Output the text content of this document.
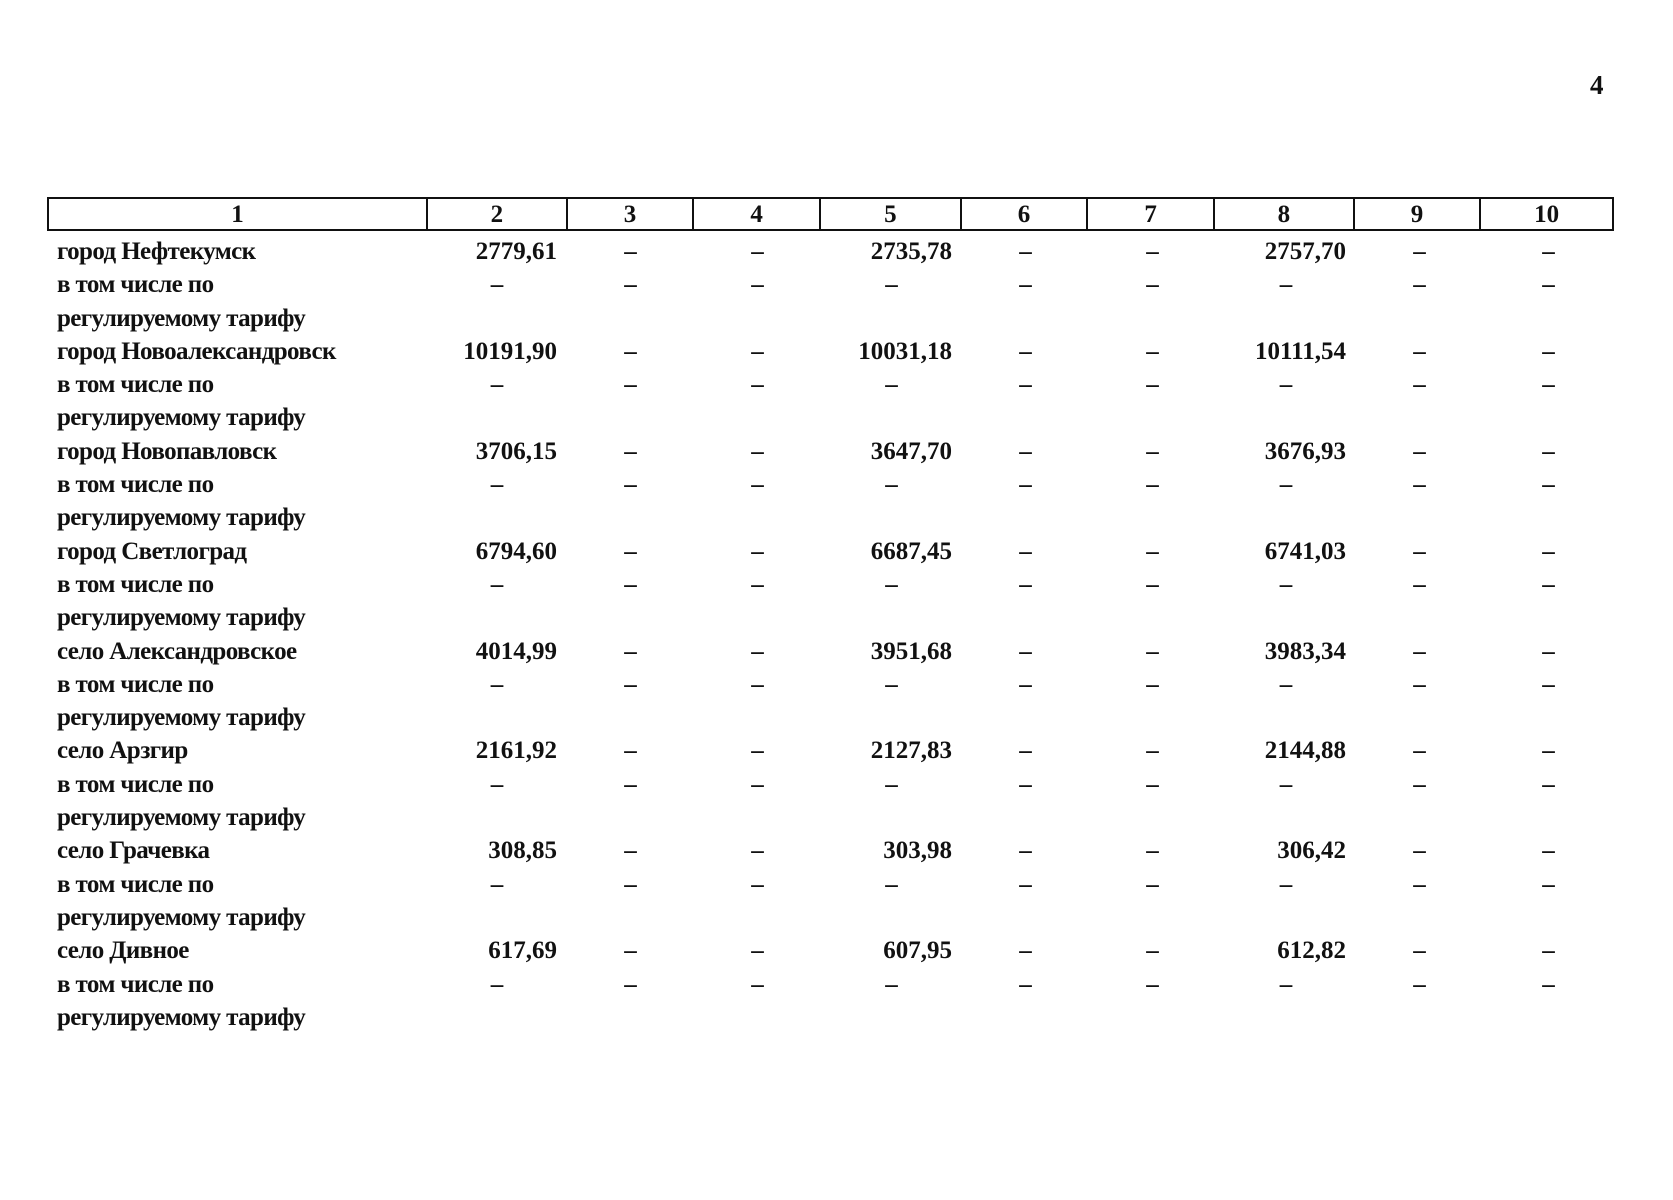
4
1	2	3	4	5	6	7	8	9	10
город Нефтекумск	2779,61	–	–	2735,78	–	–	2757,70	–	–
в том числе по	–	–	–	–	–	–	–	–	–
регулируемому тарифу
город Новоалександровск	10191,90	–	–	10031,18	–	–	10111,54	–	–
в том числе по	–	–	–	–	–	–	–	–	–
регулируемому тарифу
город Новопавловск	3706,15	–	–	3647,70	–	–	3676,93	–	–
в том числе по	–	–	–	–	–	–	–	–	–
регулируемому тарифу
город Светлоград	6794,60	–	–	6687,45	–	–	6741,03	–	–
в том числе по	–	–	–	–	–	–	–	–	–
регулируемому тарифу
село Александровское	4014,99	–	–	3951,68	–	–	3983,34	–	–
в том числе по	–	–	–	–	–	–	–	–	–
регулируемому тарифу
село Арзгир	2161,92	–	–	2127,83	–	–	2144,88	–	–
в том числе по	–	–	–	–	–	–	–	–	–
регулируемому тарифу
село Грачевка	308,85	–	–	303,98	–	–	306,42	–	–
в том числе по	–	–	–	–	–	–	–	–	–
регулируемому тарифу
село Дивное	617,69	–	–	607,95	–	–	612,82	–	–
в том числе по	–	–	–	–	–	–	–	–	–
регулируемому тарифу
